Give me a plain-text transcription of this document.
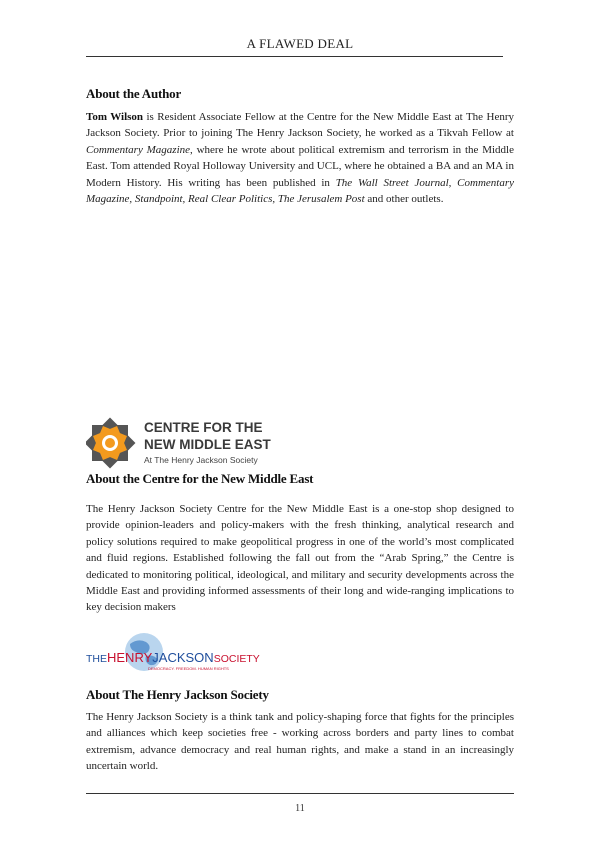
A FLAWED DEAL
About the Author

Tom Wilson is Resident Associate Fellow at the Centre for the New Middle East at The Henry Jackson Society. Prior to joining The Henry Jackson Society, he worked as a Tikvah Fellow at Commentary Magazine, where he wrote about political extremism and terrorism in the Middle East. Tom attended Royal Holloway University and UCL, where he obtained a BA and an MA in Modern History. His writing has been published in The Wall Street Journal, Commentary Magazine, Standpoint, Real Clear Politics, The Jerusalem Post and other outlets.

CENTRE FOR THE
NEW MIDDLE EAST
At The Henry Jackson Society
About the Centre for the New Middle East

The Henry Jackson Society Centre for the New Middle East is a one-stop shop designed to provide opinion-leaders and policy-makers with the fresh thinking, analytical research and policy solutions required to make geopolitical progress in one of the world’s most complicated and fluid regions. Established following the fall out from the “Arab Spring,” the Centre is dedicated to monitoring political, ideological, and military and security developments across the Middle East and providing informed assessments of their long and wide-ranging implications to key decision makers

THEHENRYJACKSONSOCIETY
DEMOCRACY. FREEDOM. HUMAN RIGHTS
About The Henry Jackson Society

The Henry Jackson Society is a think tank and policy-shaping force that fights for the principles and alliances which keep societies free - working across borders and party lines to combat extremism, advance democracy and real human rights, and make a stand in an increasingly uncertain world.

11
